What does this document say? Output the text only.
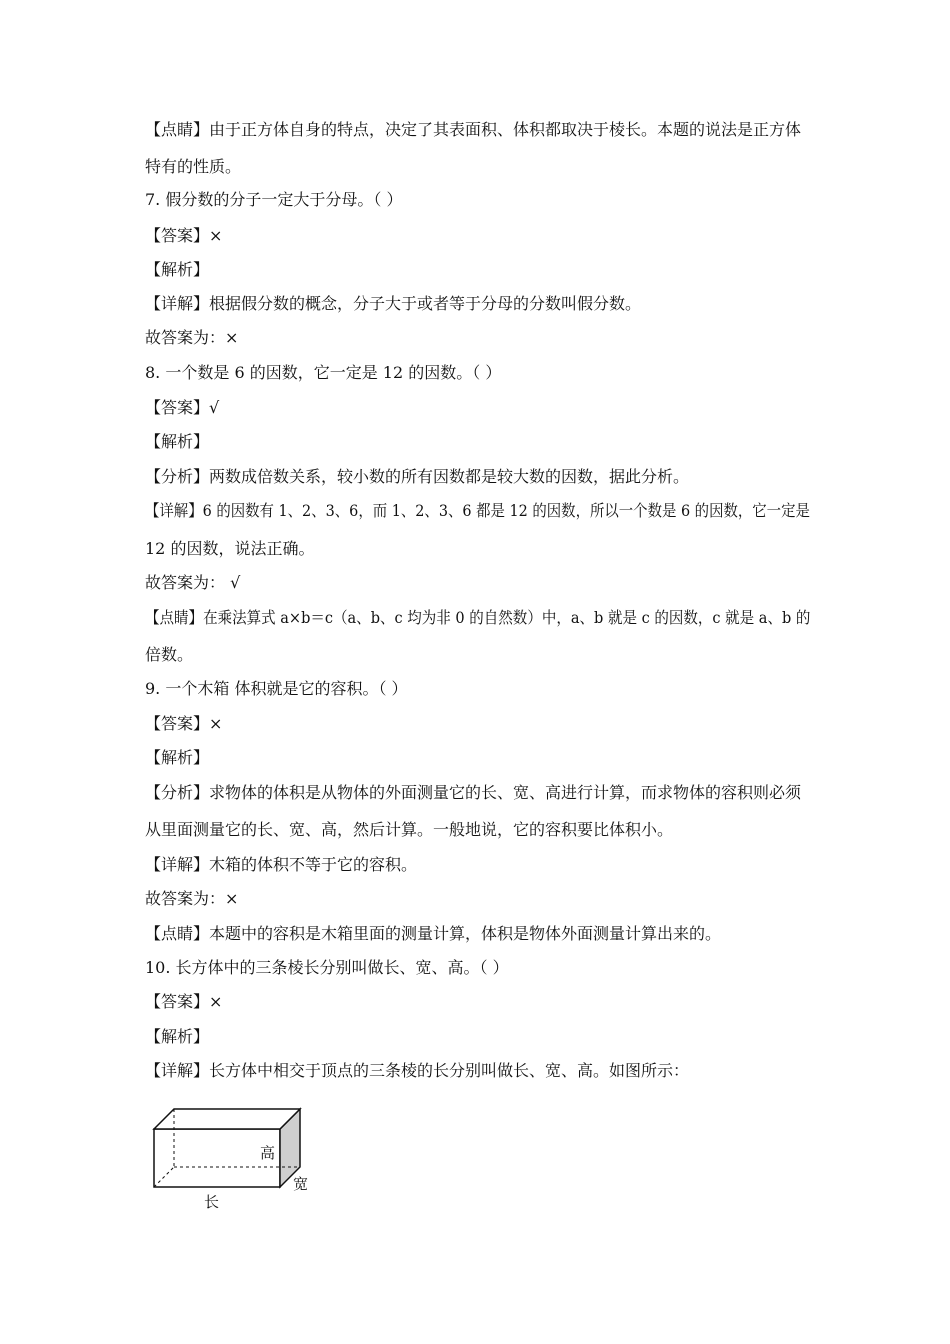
【点睛】由于正方体自身的特点，决定了其表面积、体积都取决于棱长。本题的说法是正方体
特有的性质。
7. 假分数的分子一定大于分母。（ ）
【答案】×
【解析】
【详解】根据假分数的概念，分子大于或者等于分母的分数叫假分数。
故答案为：×
8. 一个数是 6 的因数，它一定是 12 的因数。（ ）
【答案】√
【解析】
【分析】两数成倍数关系，较小数的所有因数都是较大数的因数，据此分析。
【详解】6 的因数有 1、2、3、6，而 1、2、3、6 都是 12 的因数，所以一个数是 6 的因数，它一定是
12 的因数，说法正确。
故答案为： √
【点睛】在乘法算式 a×b＝c（a、b、c 均为非 0 的自然数）中，a、b 就是 c 的因数，c 就是 a、b 的
倍数。
9. 一个木箱 体积就是它的容积。（ ）
【答案】×
【解析】
【分析】求物体的体积是从物体的外面测量它的长、宽、高进行计算，而求物体的容积则必须
从里面测量它的长、宽、高，然后计算。一般地说，它的容积要比体积小。
【详解】木箱的体积不等于它的容积。
故答案为：×
【点睛】本题中的容积是木箱里面的测量计算，体积是物体外面测量计算出来的。
10. 长方体中的三条棱长分别叫做长、宽、高。（ ）
【答案】×
【解析】
【详解】长方体中相交于顶点的三条棱的长分别叫做长、宽、高。如图所示：
高
宽
长
